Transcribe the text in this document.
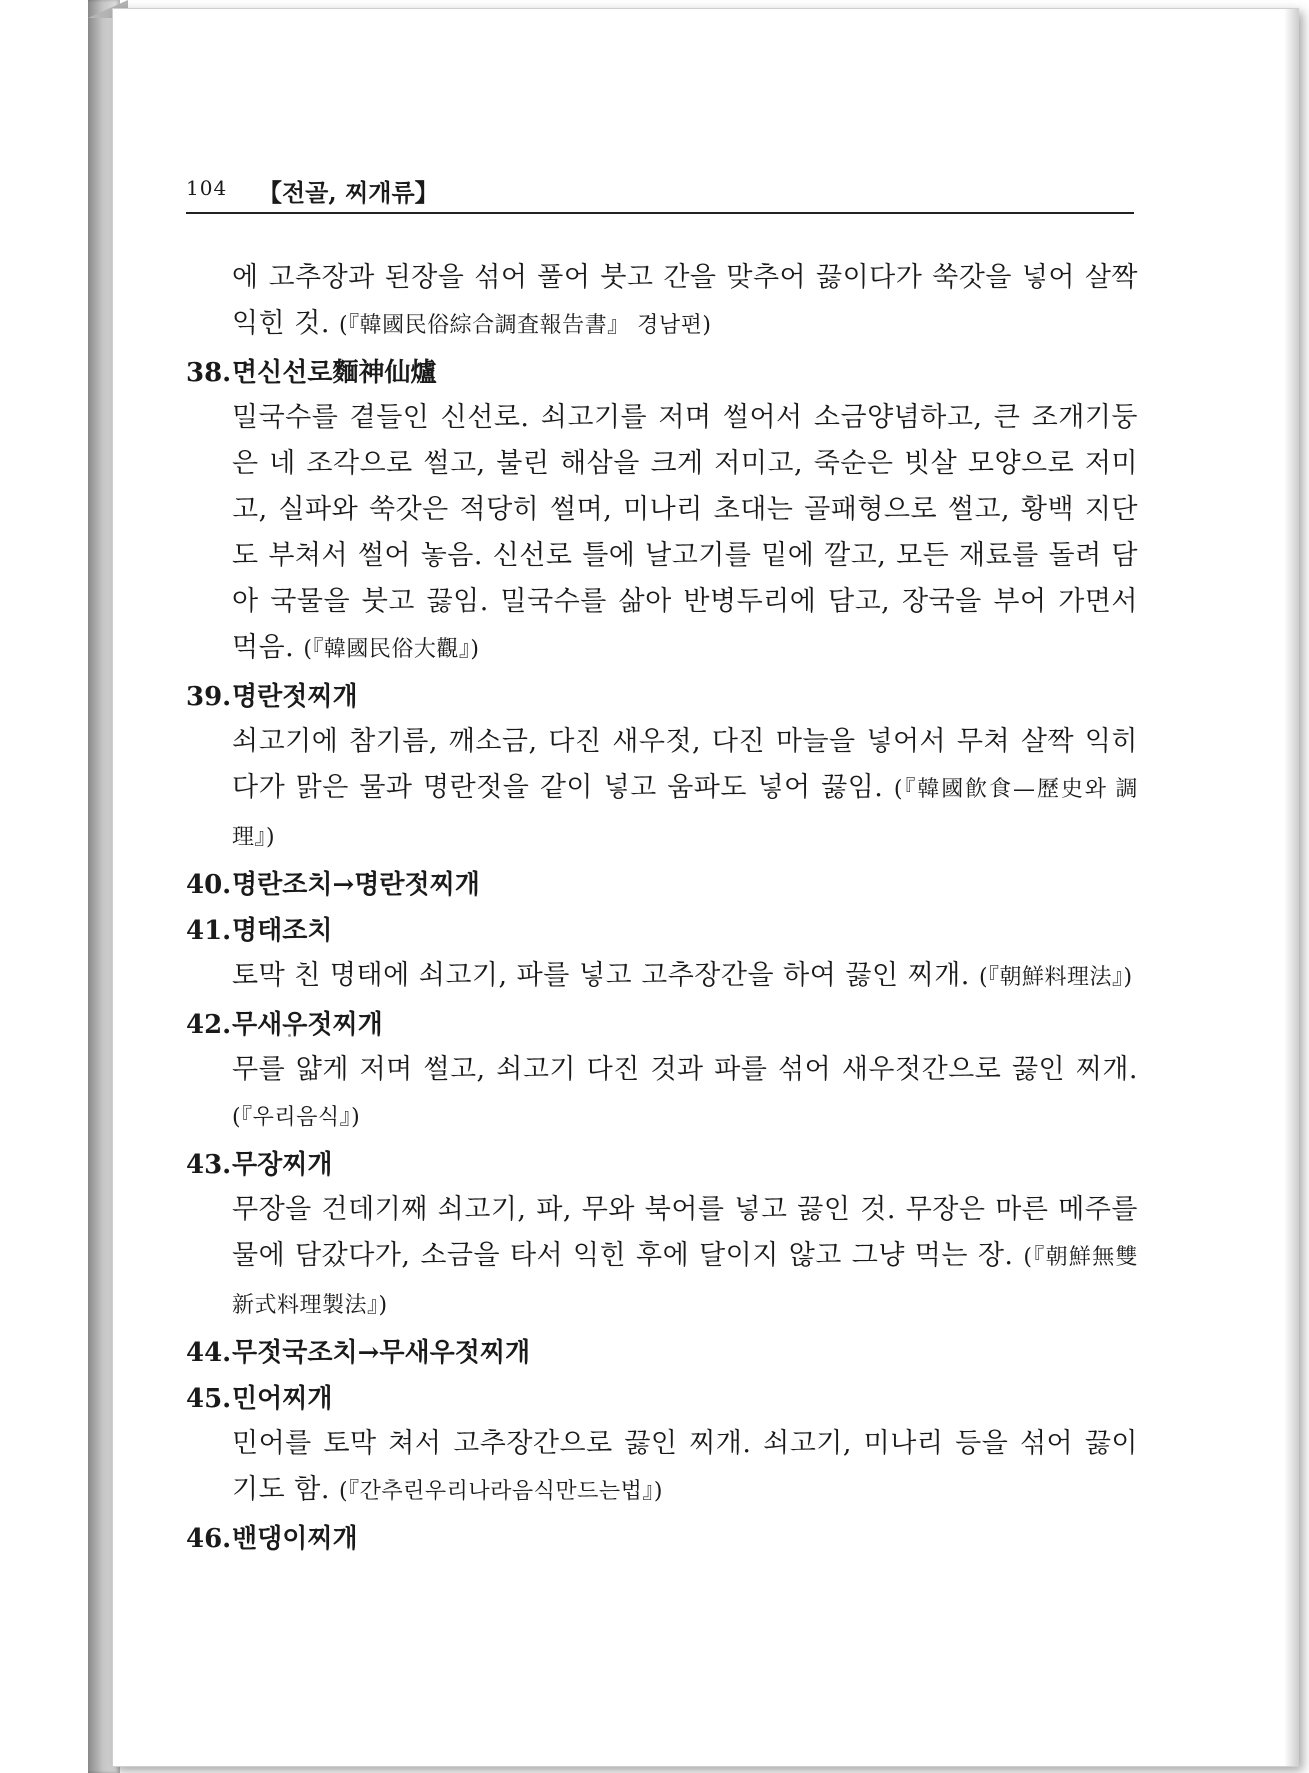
104 【전골, 찌개류】

에 고추장과 된장을 섞어 풀어 붓고 간을 맞추어 끓이다가 쑥갓을 넣어 살짝 익힌 것. (『韓國民俗綜合調査報告書』 경남편)

38.면신선로麵神仙爐

밀국수를 곁들인 신선로. 쇠고기를 저며 썰어서 소금양념하고, 큰 조개기둥은 네 조각으로 썰고, 불린 해삼을 크게 저미고, 죽순은 빗살 모양으로 저미고, 실파와 쑥갓은 적당히 썰며, 미나리 초대는 골패형으로 썰고, 황백 지단도 부쳐서 썰어 놓음. 신선로 틀에 날고기를 밑에 깔고, 모든 재료를 돌려 담아 국물을 붓고 끓임. 밀국수를 삶아 반병두리에 담고, 장국을 부어 가면서 먹음. (『韓國民俗大觀』)

39.명란젓찌개

쇠고기에 참기름, 깨소금, 다진 새우젓, 다진 마늘을 넣어서 무쳐 살짝 익히다가 맑은 물과 명란젓을 같이 넣고 움파도 넣어 끓임. (『韓國飮食—歷史와 調理』)

40.명란조치→명란젓찌개
41.명태조치

토막 친 명태에 쇠고기, 파를 넣고 고추장간을 하여 끓인 찌개. (『朝鮮料理法』)

42.무새우젓찌개

무를 얇게 저며 썰고, 쇠고기 다진 것과 파를 섞어 새우젓간으로 끓인 찌개. (『우리음식』)

43.무장찌개

무장을 건데기째 쇠고기, 파, 무와 북어를 넣고 끓인 것. 무장은 마른 메주를 물에 담갔다가, 소금을 타서 익힌 후에 달이지 않고 그냥 먹는 장. (『朝鮮無雙新式料理製法』)

44.무젓국조치→무새우젓찌개
45.민어찌개

민어를 토막 쳐서 고추장간으로 끓인 찌개. 쇠고기, 미나리 등을 섞어 끓이기도 함. (『간추린우리나라음식만드는법』)

46.밴댕이찌개
